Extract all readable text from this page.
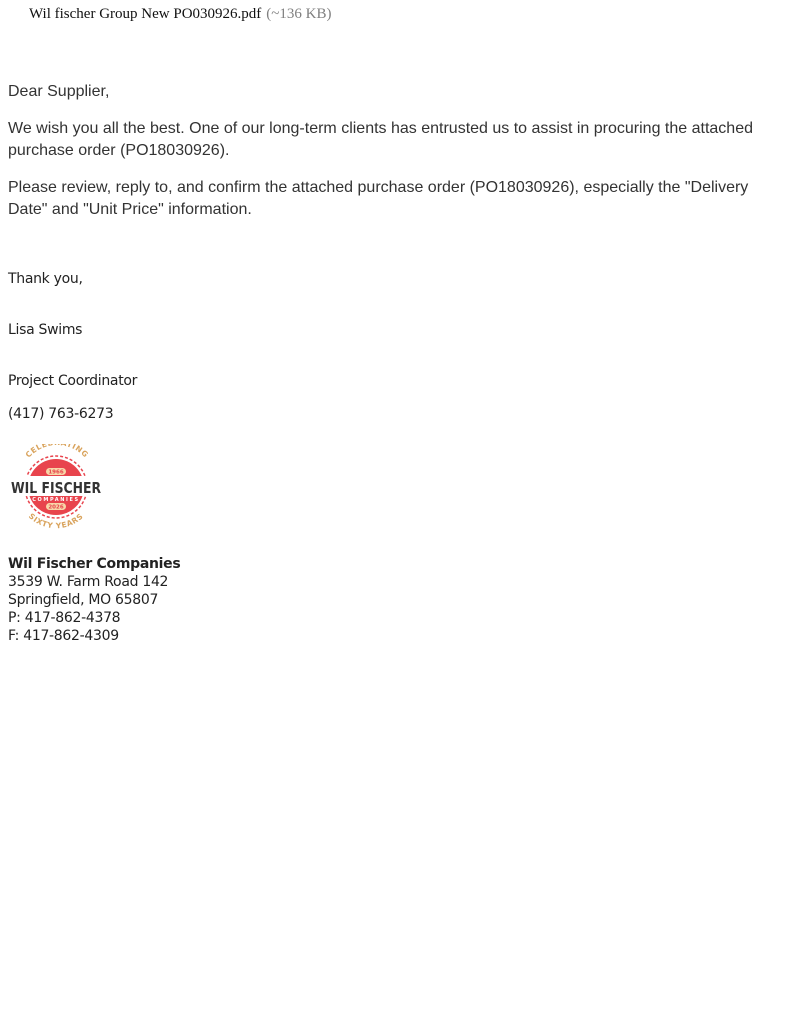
Wil fischer Group New PO030926.pdf (~136 KB)

Dear Supplier,

We wish you all the best. One of our long-term clients has entrusted us to assist in procuring the attached purchase order (PO18030926).

Please review, reply to, and confirm the attached purchase order (PO18030926), especially the "Delivery Date" and "Unit Price" information.

Thank you,
Lisa Swims
Project Coordinator
(417) 763-6273
CELE TING
SIXTY YEARS
1966
WIL FISCHER
COMPANIES
2026
Wil Fischer Companies
3539 W. Farm Road 142
Springfield, MO 65807
P: 417-862-4378
F: 417-862-4309
